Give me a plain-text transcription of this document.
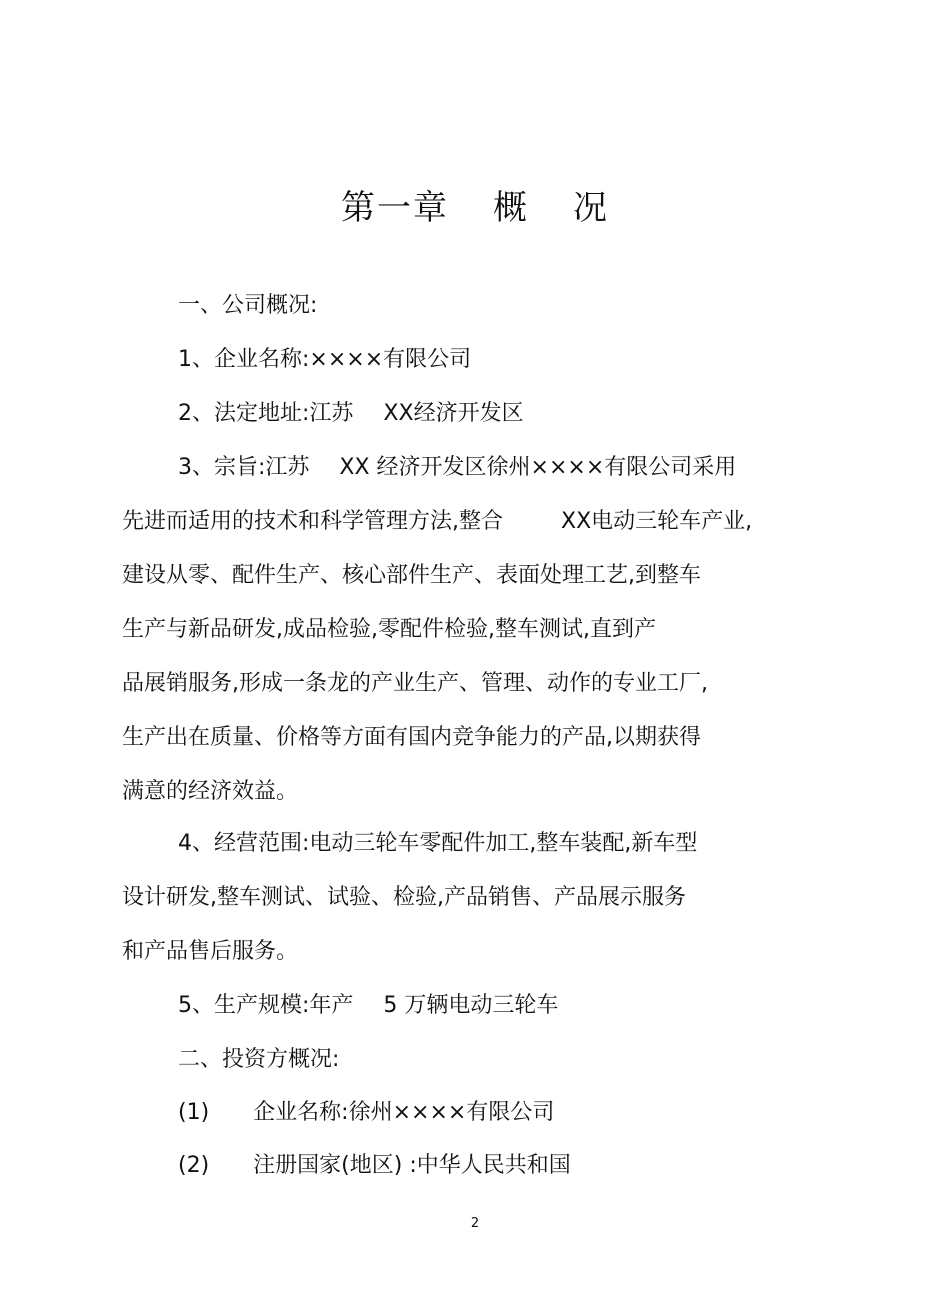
第一章 概 况
一、公司概况:
1、企业名称:××××有限公司
2、法定地址:江苏 XX经济开发区
3、宗旨:江苏 XX 经济开发区徐州××××有限公司采用
先进而适用的技术和科学管理方法,整合	XX电动三轮车产业,
建设从零、配件生产、核心部件生产、表面处理工艺,到整车
生产与新品研发,成品检验,零配件检验,整车测试,直到产
品展销服务,形成一条龙的产业生产、管理、动作的专业工厂,
生产出在质量、价格等方面有国内竞争能力的产品,以期获得
满意的经济效益。
4、经营范围:电动三轮车零配件加工,整车装配,新车型
设计研发,整车测试、试验、检验,产品销售、产品展示服务
和产品售后服务。
5、生产规模:年产 5 万辆电动三轮车
二、投资方概况:
(1) 企业名称:徐州××××有限公司
(2) 注册国家(地区) :中华人民共和国
2
